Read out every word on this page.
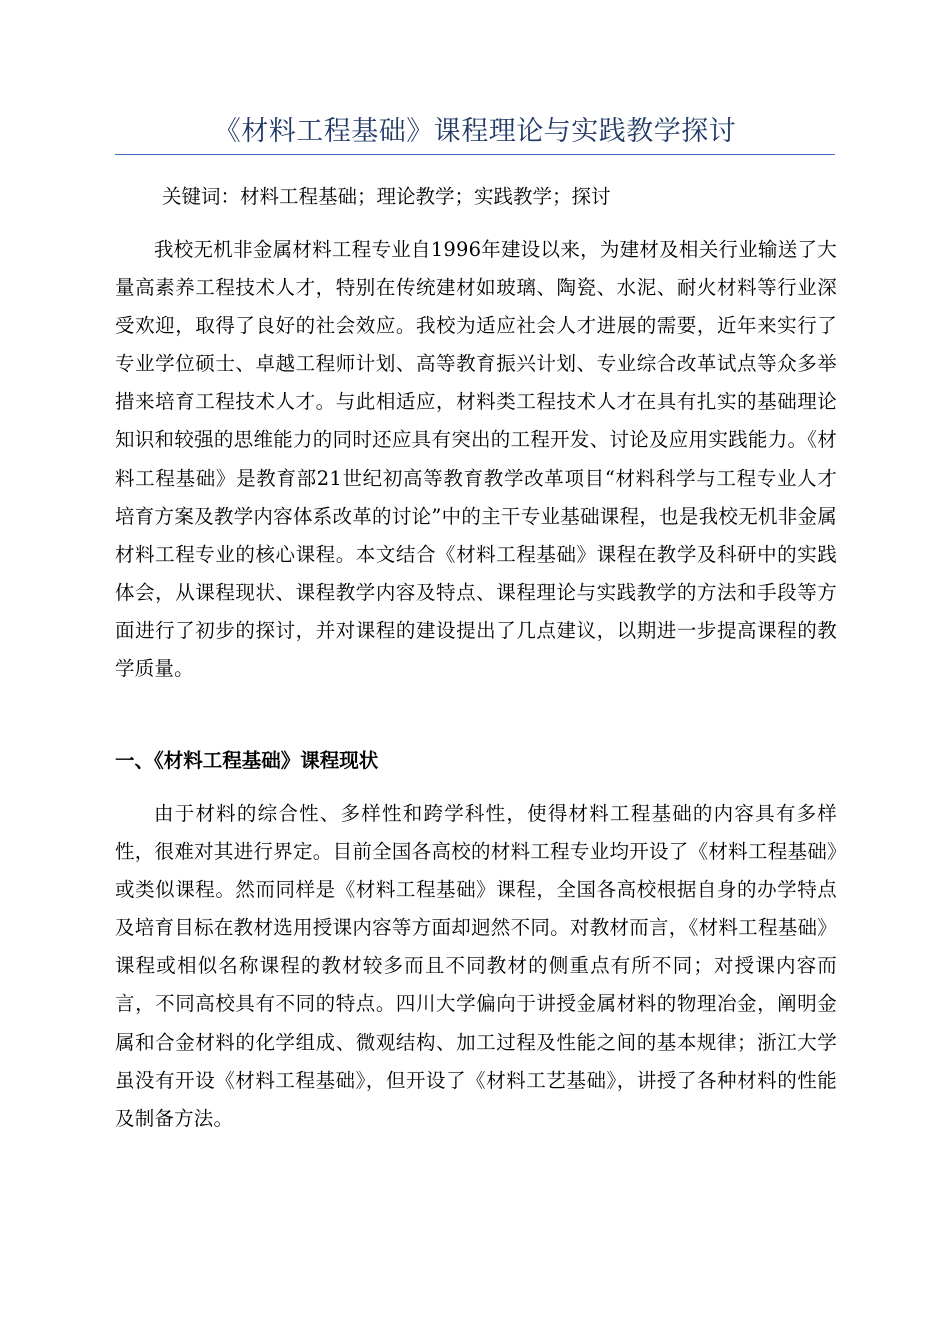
《材料工程基础》课程理论与实践教学探讨

关键词：材料工程基础；理论教学；实践教学；探讨

我校无机非金属材料工程专业自1996年建设以来，为建材及相关行业输送了大量高素养工程技术人才，特别在传统建材如玻璃、陶瓷、水泥、耐火材料等行业深受欢迎，取得了良好的社会效应。我校为适应社会人才进展的需要，近年来实行了专业学位硕士、卓越工程师计划、高等教育振兴计划、专业综合改革试点等众多举措来培育工程技术人才。与此相适应，材料类工程技术人才在具有扎实的基础理论知识和较强的思维能力的同时还应具有突出的工程开发、讨论及应用实践能力。《材料工程基础》是教育部21世纪初高等教育教学改革项目“材料科学与工程专业人才培育方案及教学内容体系改革的讨论”中的主干专业基础课程，也是我校无机非金属材料工程专业的核心课程。本文结合《材料工程基础》课程在教学及科研中的实践体会，从课程现状、课程教学内容及特点、课程理论与实践教学的方法和手段等方面进行了初步的探讨，并对课程的建设提出了几点建议，以期进一步提高课程的教学质量。

一、《材料工程基础》课程现状

由于材料的综合性、多样性和跨学科性，使得材料工程基础的内容具有多样性，很难对其进行界定。目前全国各高校的材料工程专业均开设了《材料工程基础》或类似课程。然而同样是《材料工程基础》课程，全国各高校根据自身的办学特点及培育目标在教材选用授课内容等方面却迥然不同。对教材而言，《材料工程基础》课程或相似名称课程的教材较多而且不同教材的侧重点有所不同；对授课内容而言，不同高校具有不同的特点。四川大学偏向于讲授金属材料的物理冶金，阐明金属和合金材料的化学组成、微观结构、加工过程及性能之间的基本规律；浙江大学虽没有开设《材料工程基础》，但开设了《材料工艺基础》，讲授了各种材料的性能及制备方法。
